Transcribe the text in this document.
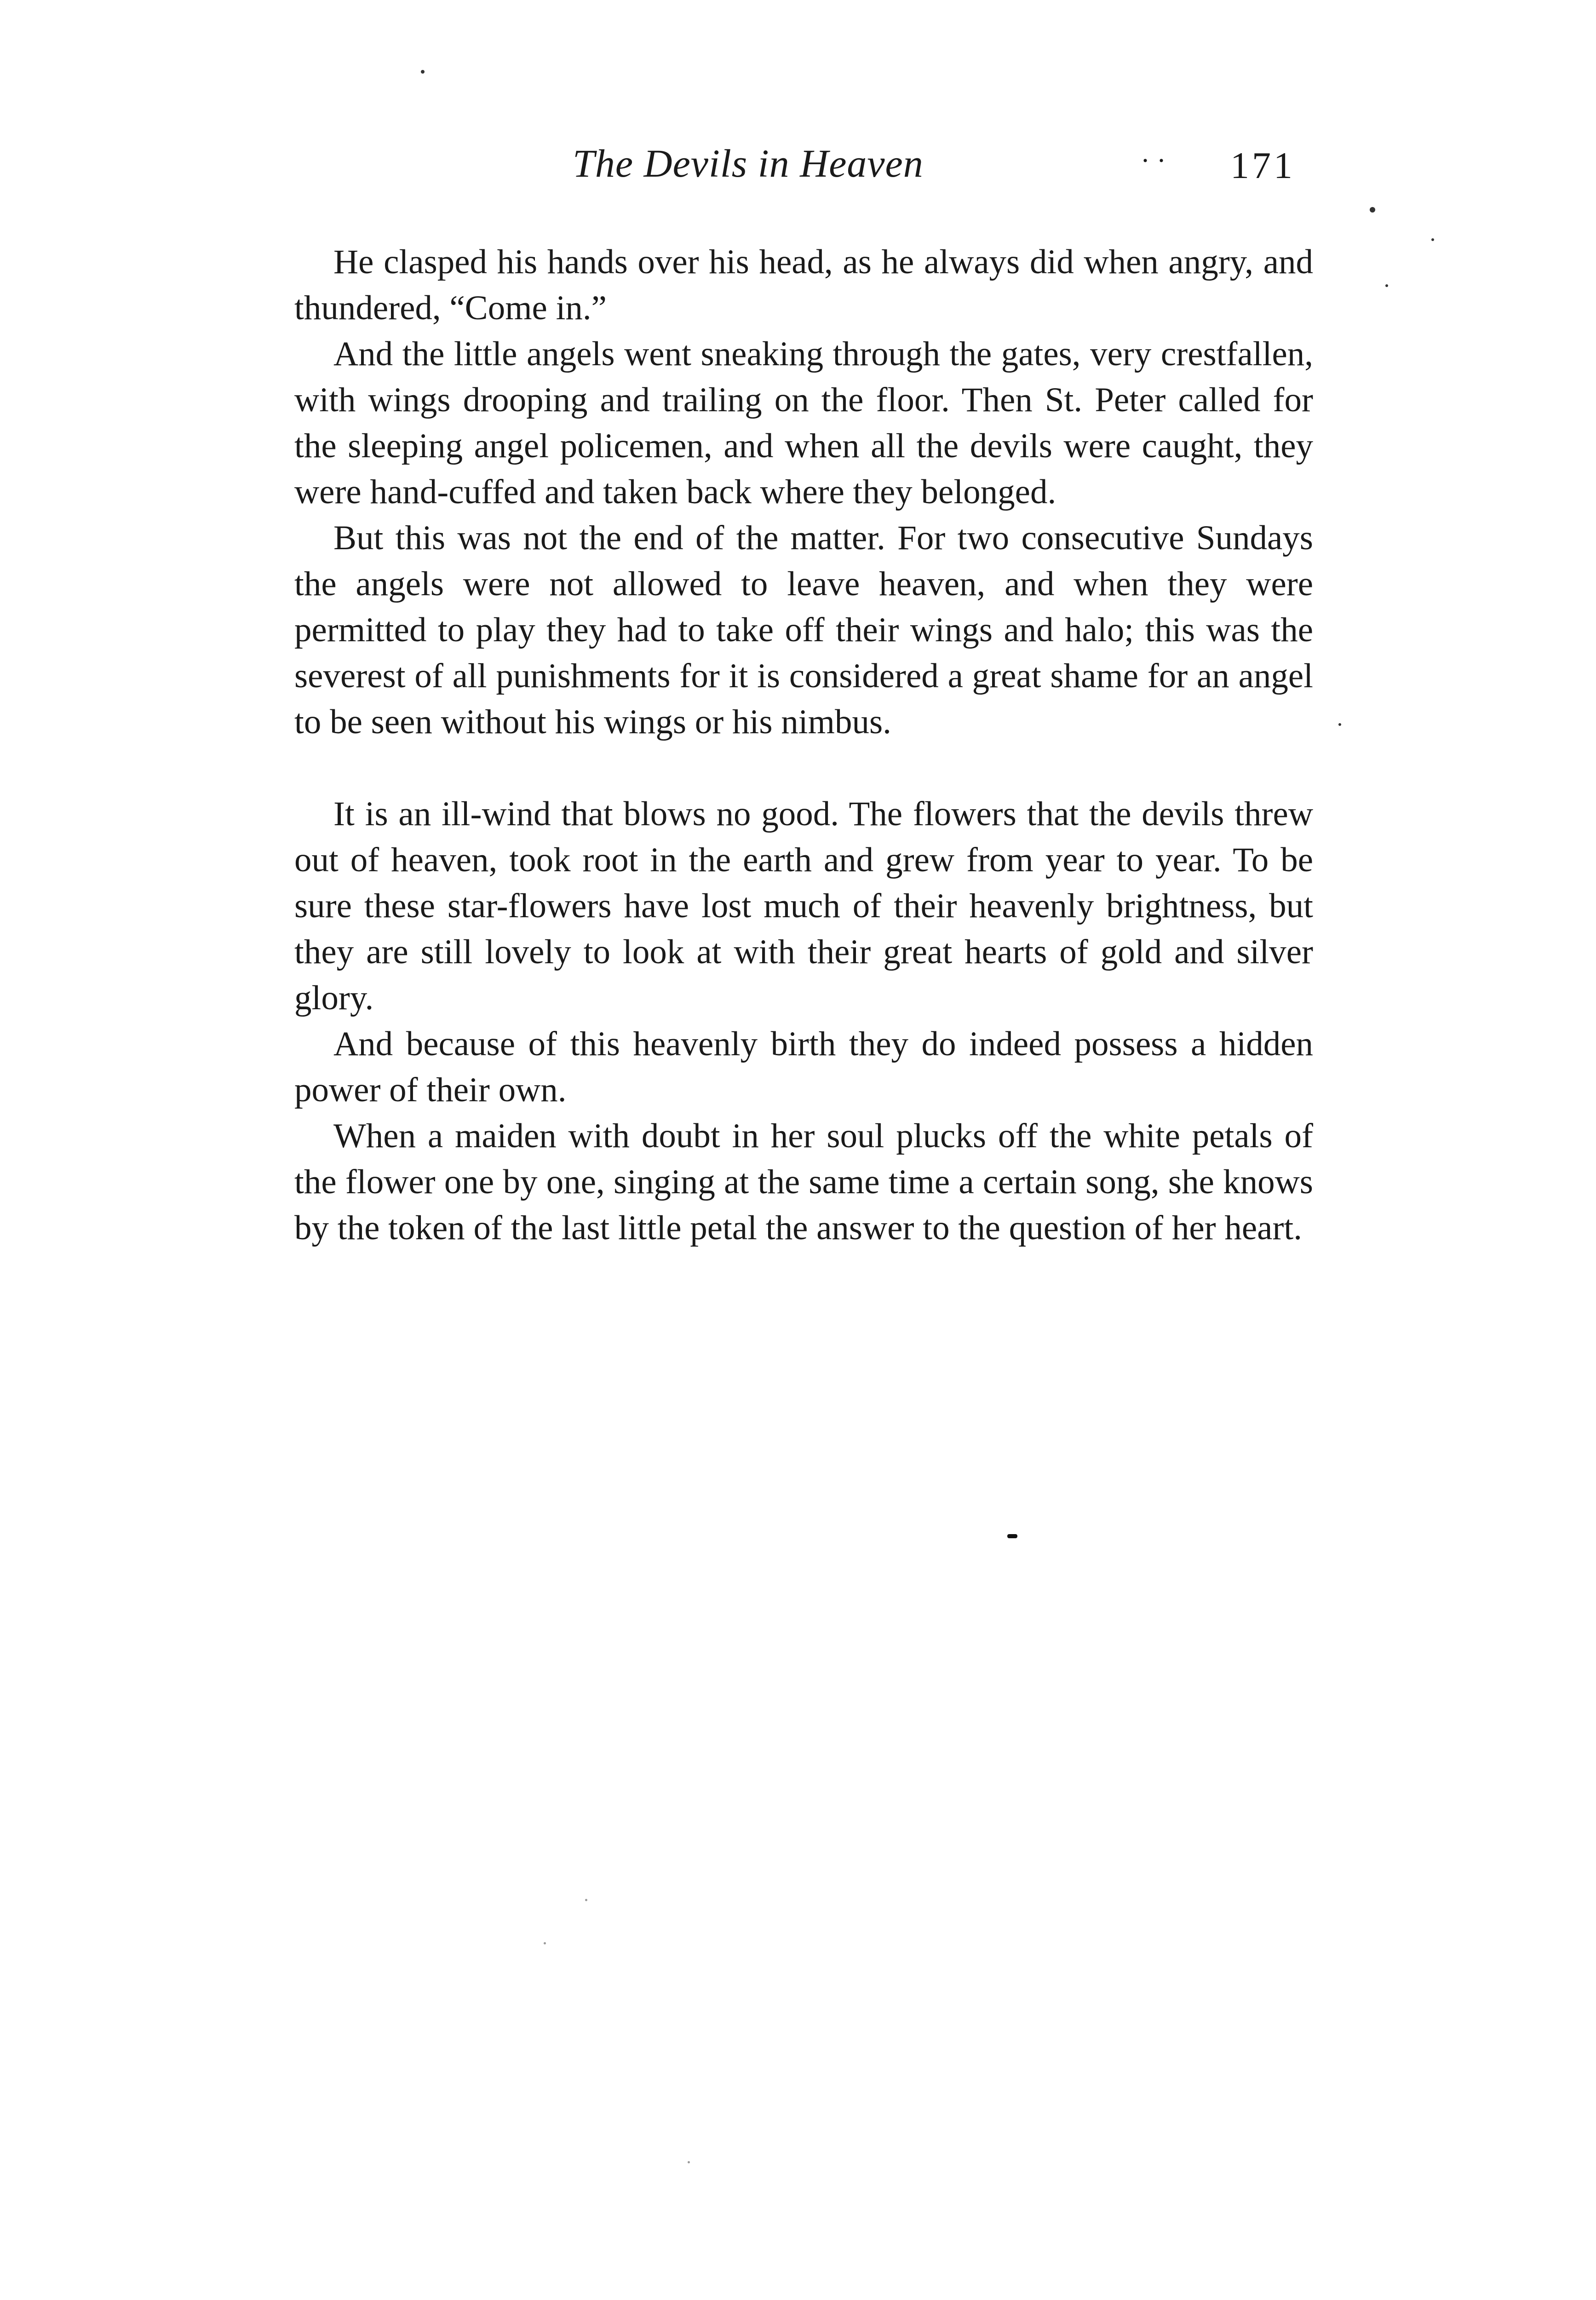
The Devils in Heaven	· · 171

He clasped his hands over his head, as he always did when angry, and thundered, “Come in.”

And the little angels went sneaking through the gates, very crestfallen, with wings drooping and trailing on the floor. Then St. Peter called for the sleeping angel policemen, and when all the devils were caught, they were hand-cuffed and taken back where they belonged.

But this was not the end of the matter. For two consecutive Sundays the angels were not allowed to leave heaven, and when they were permitted to play they had to take off their wings and halo; this was the severest of all punishments for it is considered a great shame for an angel to be seen without his wings or his nimbus.

It is an ill-wind that blows no good. The flowers that the devils threw out of heaven, took root in the earth and grew from year to year. To be sure these star-flowers have lost much of their heavenly brightness, but they are still lovely to look at with their great hearts of gold and silver glory.

And because of this heavenly birth they do indeed possess a hidden power of their own.

When a maiden with doubt in her soul plucks off the white petals of the flower one by one, singing at the same time a certain song, she knows by the token of the last little petal the answer to the question of her heart.
